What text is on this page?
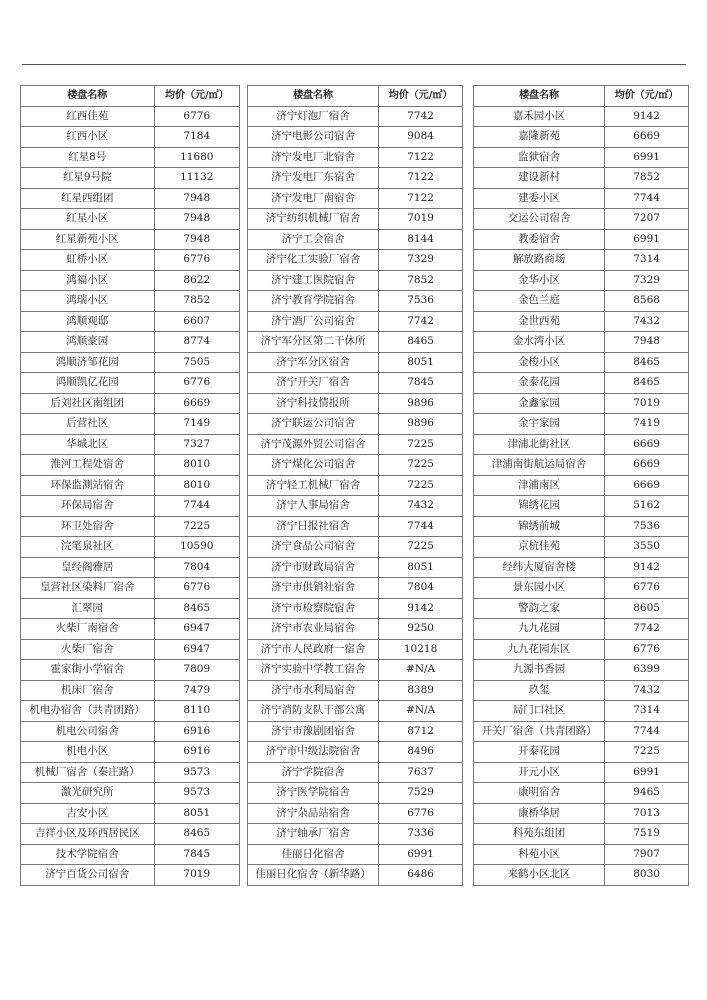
楼盘名称	均价（元/㎡）
红西佳苑	6776
红西小区	7184
红星8号	11680
红星9号院	11132
红星西组团	7948
红星小区	7948
红星新苑小区	7948
虹桥小区	6776
鸿福小区	8622
鸿瑞小区	7852
鸿顺观邸	6607
鸿顺豪园	8774
鸿顺济邹花园	7505
鸿顺凯亿花园	6776
后刘社区南组团	6669
后营社区	7149
华城北区	7327
淮河工程处宿舍	8010
环保监测站宿舍	8010
环保局宿舍	7744
环卫处宿舍	7225
浣笔泉社区	10590
皇经阁雅居	7804
皇营社区染料厂宿舍	6776
汇翠园	8465
火柴厂南宿舍	6947
火柴厂宿舍	6947
霍家街小学宿舍	7809
机床厂宿舍	7479
机电办宿舍（共青团路）	8110
机电公司宿舍	6916
机电小区	6916
机械厂宿舍（秦庄路）	9573
激光研究所	9573
吉安小区	8051
吉祥小区及环西居民区	8465
技术学院宿舍	7845
济宁百货公司宿舍	7019
楼盘名称	均价（元/㎡）
济宁灯泡厂宿舍	7742
济宁电影公司宿舍	9084
济宁发电厂北宿舍	7122
济宁发电厂东宿舍	7122
济宁发电厂南宿舍	7122
济宁纺织机械厂宿舍	7019
济宁工会宿舍	8144
济宁化工实验厂宿舍	7329
济宁建工医院宿舍	7852
济宁教育学院宿舍	7536
济宁酒厂公司宿舍	7742
济宁军分区第二干休所	8465
济宁军分区宿舍	8051
济宁开关厂宿舍	7845
济宁科技情报所	9896
济宁联运公司宿舍	9896
济宁茂源外贸公司宿舍	7225
济宁煤化公司宿舍	7225
济宁轻工机械厂宿舍	7225
济宁人事局宿舍	7432
济宁日报社宿舍	7744
济宁食品公司宿舍	7225
济宁市财政局宿舍	8051
济宁市供销社宿舍	7804
济宁市检察院宿舍	9142
济宁市农业局宿舍	9250
济宁市人民政府一宿舍	10218
济宁实验中学教工宿舍	#N/A
济宁市水利局宿舍	8389
济宁消防支队干部公寓	#N/A
济宁市豫剧团宿舍	8712
济宁市中级法院宿舍	8496
济宁学院宿舍	7637
济宁医学院宿舍	7529
济宁杂品站宿舍	6776
济宁轴承厂宿舍	7336
佳丽日化宿舍	6991
佳丽日化宿舍（新华路）	6486
楼盘名称	均价（元/㎡）
嘉禾园小区	9142
嘉隆新苑	6669
监狱宿舍	6991
建设新村	7852
建委小区	7744
交运公司宿舍	7207
教委宿舍	6991
解放路商场	7314
金华小区	7329
金色兰庭	8568
金世西苑	7432
金水湾小区	7948
金梭小区	8465
金泰花园	8465
金鑫家园	7019
金宇家园	7419
津浦北街社区	6669
津浦南街航运局宿舍	6669
津浦南区	6669
锦绣花园	5162
锦绣前城	7536
京杭佳苑	3550
经纬大厦宿舍楼	9142
景东园小区	6776
警韵之家	8605
九九花园	7742
九九花园东区	6776
九源书香园	6399
玖玺	7432
局门口社区	7314
开关厂宿舍（共青团路）	7744
开泰花园	7225
开元小区	6991
康明宿舍	9465
康桥华居	7013
科苑东组团	7519
科苑小区	7907
来鹤小区北区	8030
